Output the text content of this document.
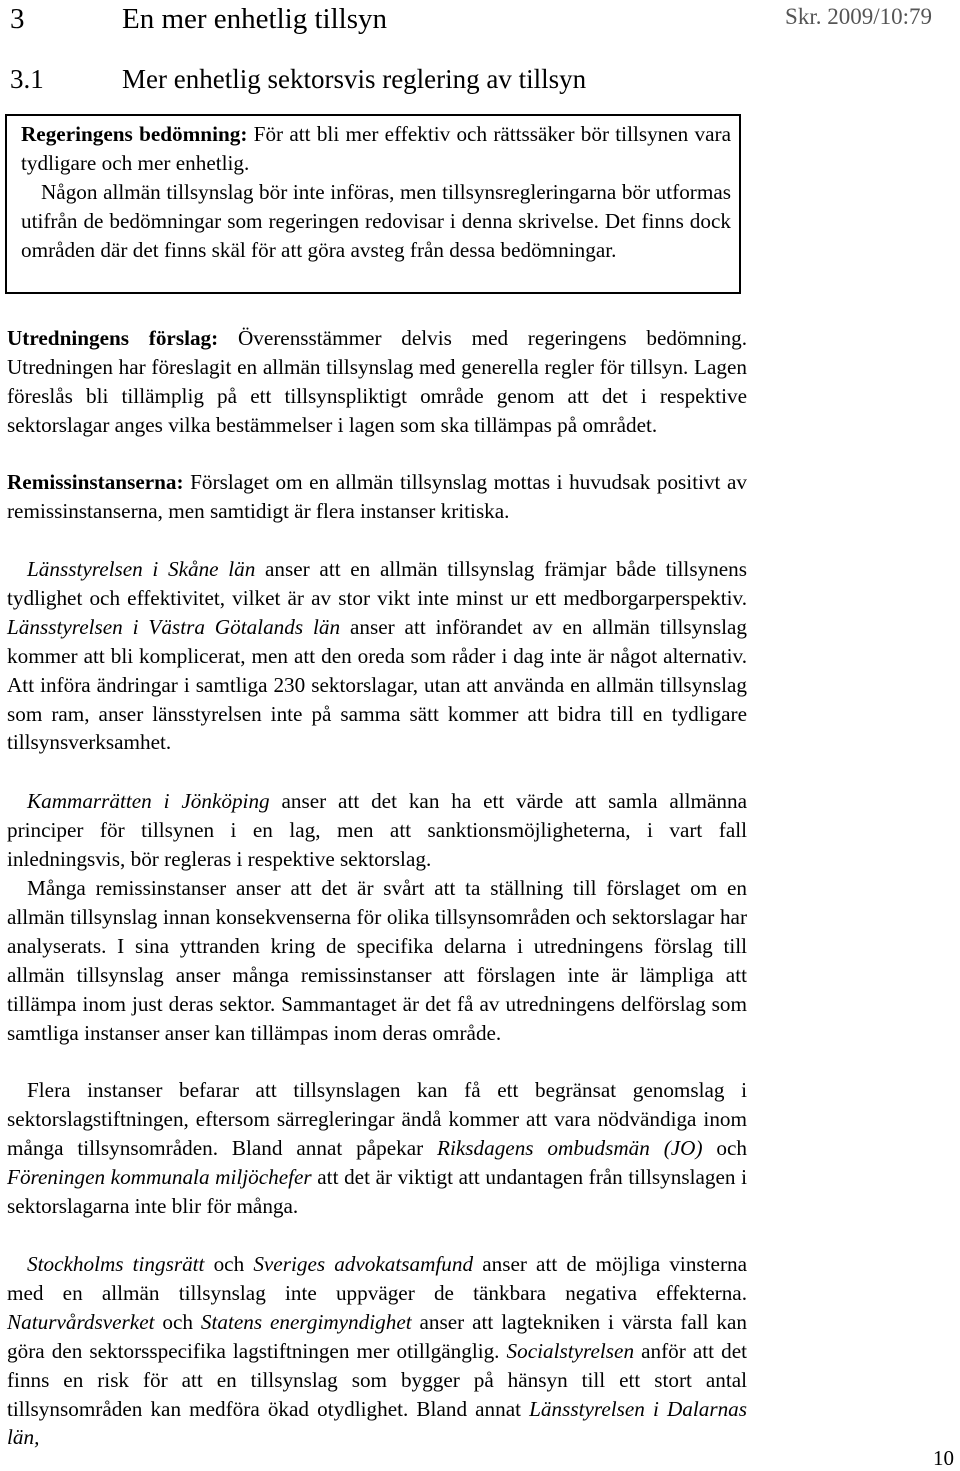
3	En mer enhetlig tillsyn	Skr. 2009/10:79
3.1	Mer enhetlig sektorsvis reglering av tillsyn

Regeringens bedömning: För att bli mer effektiv och rättssäker bör tillsynen vara tydligare och mer enhetlig.

Någon allmän tillsynslag bör inte införas, men tillsynsregleringarna bör utformas utifrån de bedömningar som regeringen redovisar i denna skrivelse. Det finns dock områden där det finns skäl för att göra avsteg från dessa bedömningar.

Utredningens förslag: Överensstämmer delvis med regeringens bedömning. Utredningen har föreslagit en allmän tillsynslag med generella regler för tillsyn. Lagen föreslås bli tillämplig på ett tillsynspliktigt område genom att det i respektive sektorslagar anges vilka bestämmelser i lagen som ska tillämpas på området.

Remissinstanserna: Förslaget om en allmän tillsynslag mottas i huvudsak positivt av remissinstanserna, men samtidigt är flera instanser kritiska.

Länsstyrelsen i Skåne län anser att en allmän tillsynslag främjar både tillsynens tydlighet och effektivitet, vilket är av stor vikt inte minst ur ett medborgarperspektiv. Länsstyrelsen i Västra Götalands län anser att införandet av en allmän tillsynslag kommer att bli komplicerat, men att den oreda som råder i dag inte är något alternativ. Att införa ändringar i samtliga 230 sektorslagar, utan att använda en allmän tillsynslag som ram, anser länsstyrelsen inte på samma sätt kommer att bidra till en tydligare tillsynsverksamhet.

Kammarrätten i Jönköping anser att det kan ha ett värde att samla allmänna principer för tillsynen i en lag, men att sanktionsmöjligheterna, i vart fall inledningsvis, bör regleras i respektive sektorslag.

Många remissinstanser anser att det är svårt att ta ställning till förslaget om en allmän tillsynslag innan konsekvenserna för olika tillsynsområden och sektorslagar har analyserats. I sina yttranden kring de specifika delarna i utredningens förslag till allmän tillsynslag anser många remissinstanser att förslagen inte är lämpliga att tillämpa inom just deras sektor. Sammantaget är det få av utredningens delförslag som samtliga instanser anser kan tillämpas inom deras område.

Flera instanser befarar att tillsynslagen kan få ett begränsat genomslag i sektorslagstiftningen, eftersom särregleringar ändå kommer att vara nödvändiga inom många tillsynsområden. Bland annat påpekar Riksdagens ombudsmän (JO) och Föreningen kommunala miljöchefer att det är viktigt att undantagen från tillsynslagen i sektorslagarna inte blir för många.

Stockholms tingsrätt och Sveriges advokatsamfund anser att de möjliga vinsterna med en allmän tillsynslag inte uppväger de tänkbara negativa effekterna. Naturvårdsverket och Statens energimyndighet anser att lagtekniken i värsta fall kan göra den sektorsspecifika lagstiftningen mer otillgänglig. Socialstyrelsen anför att det finns en risk för att en tillsynslag som bygger på hänsyn till ett stort antal tillsynsområden kan medföra ökad otydlighet. Bland annat Länsstyrelsen i Dalarnas län,

10
